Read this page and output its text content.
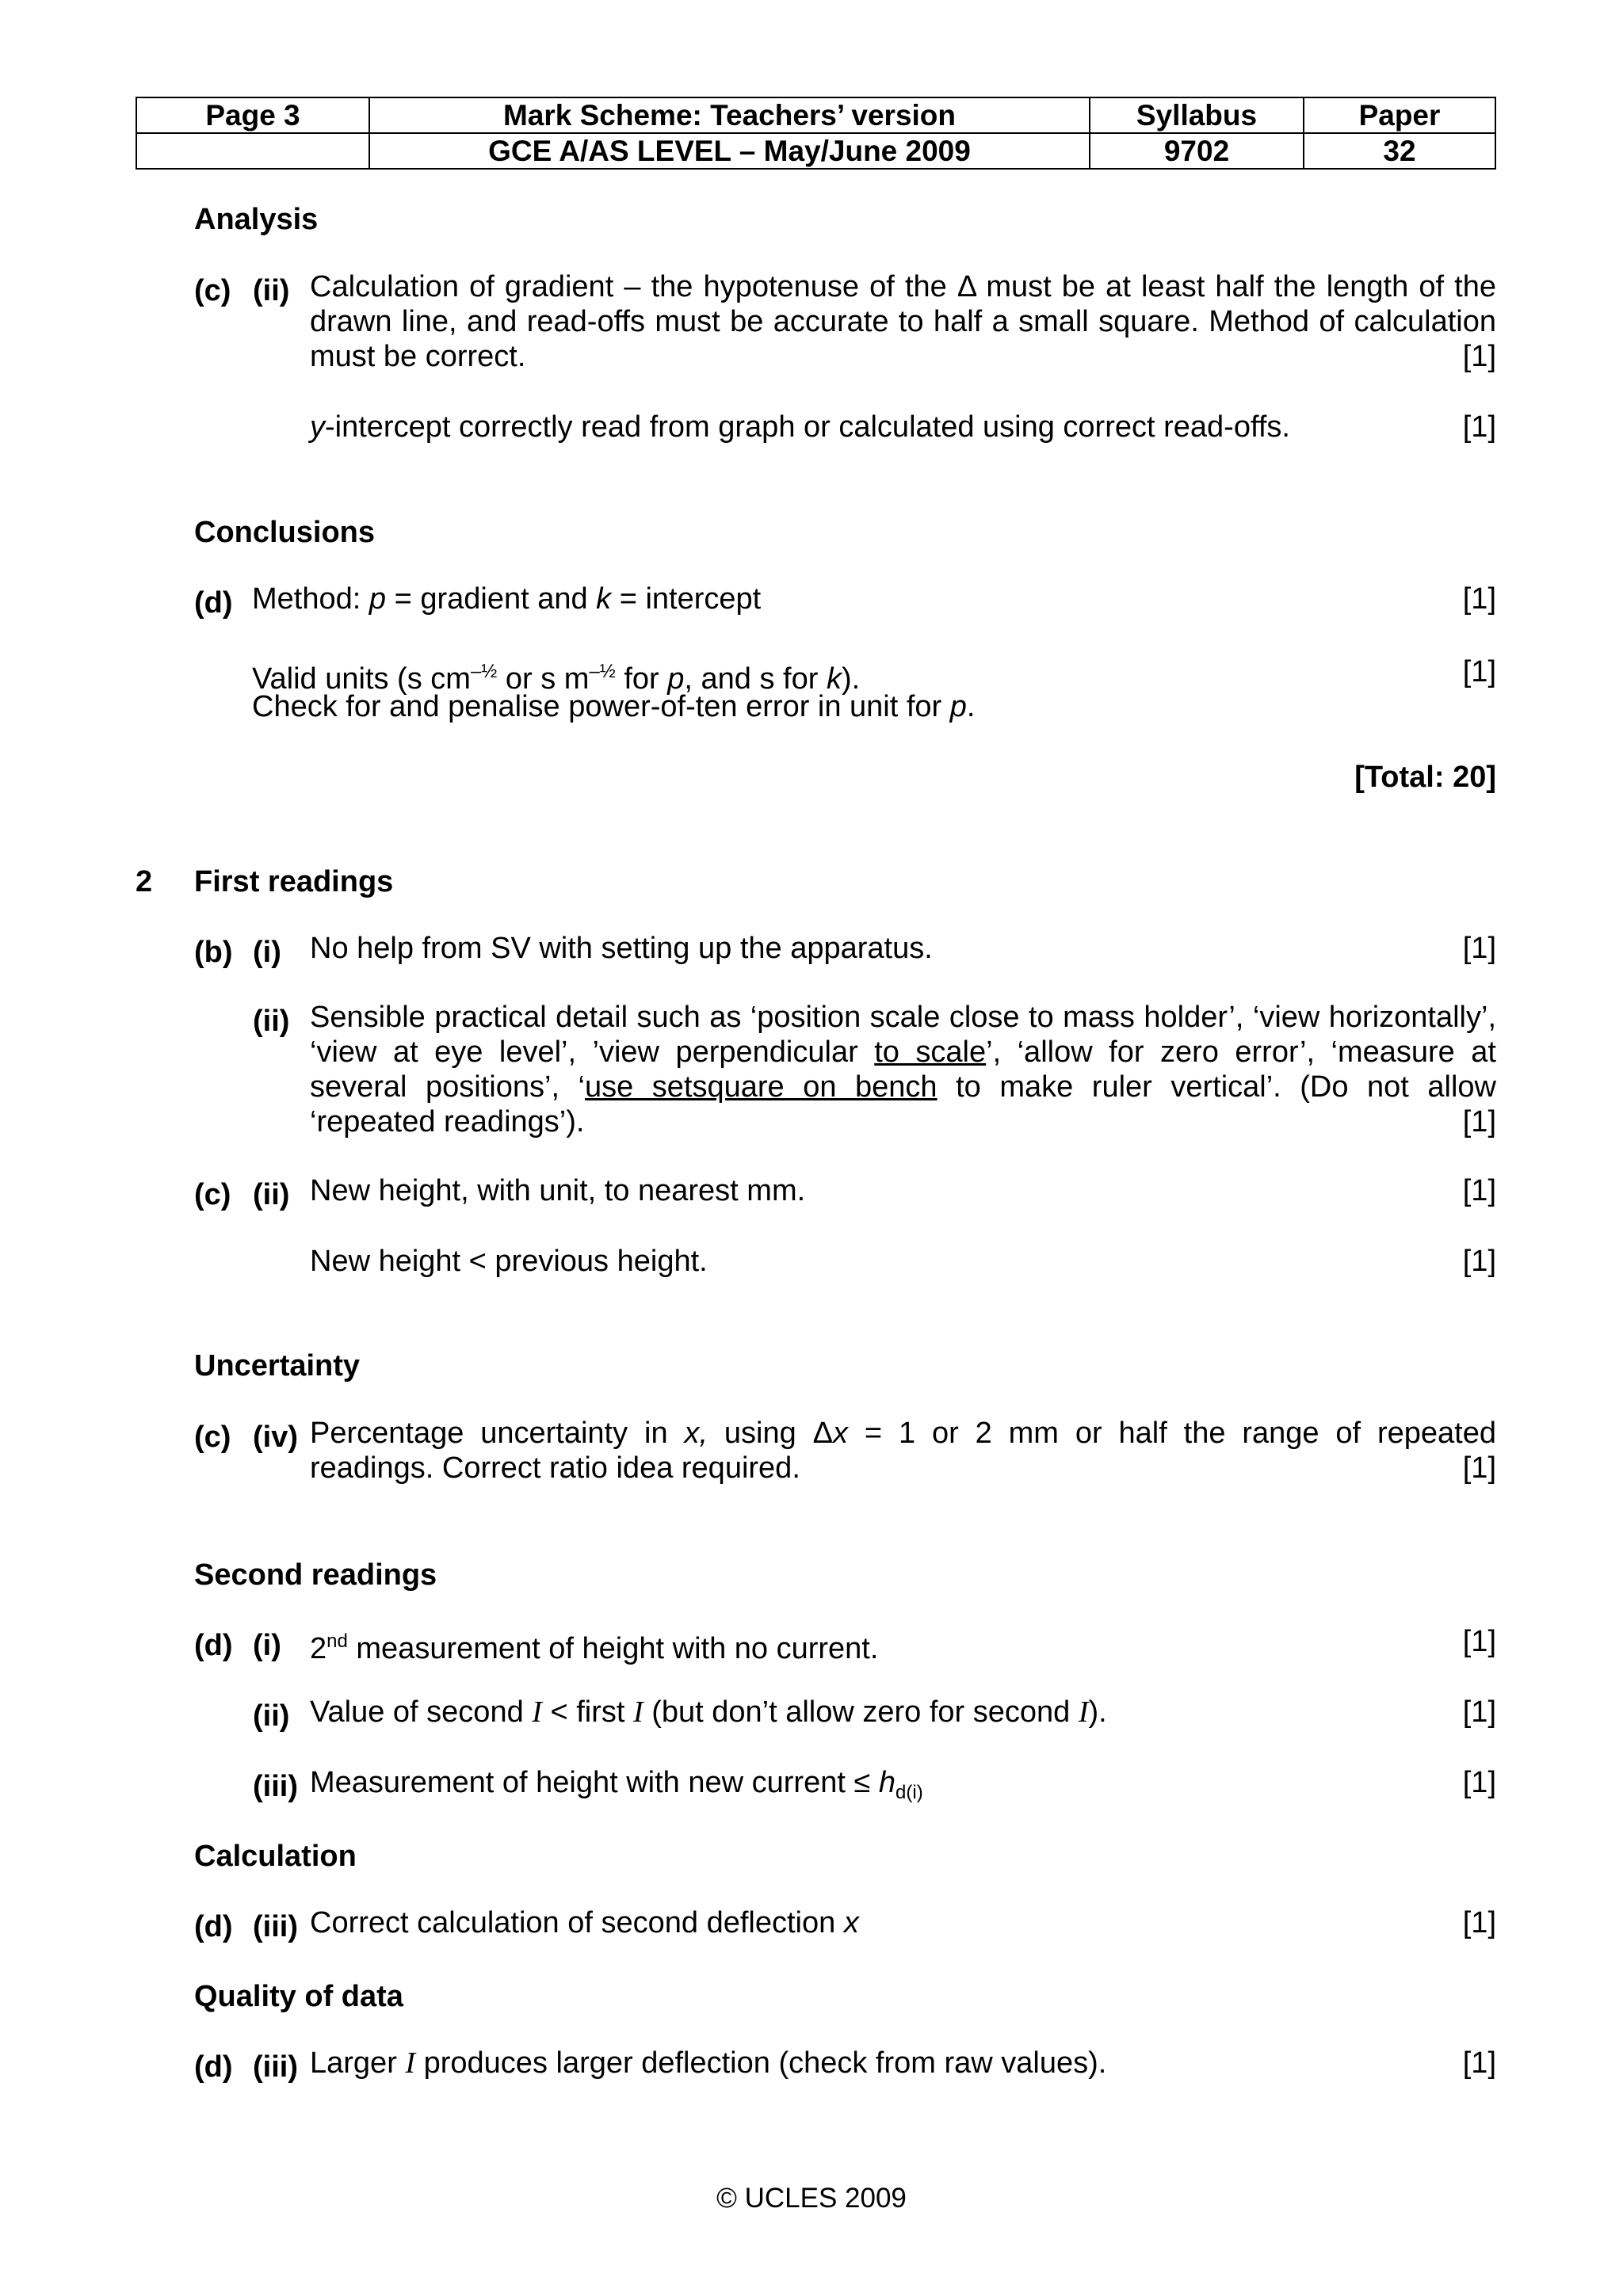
Page 3	Mark Scheme: Teachers’ version	Syllabus	Paper
	GCE A/AS LEVEL – May/June 2009	9702	32
Analysis
(c) (ii) Calculation of gradient – the hypotenuse of the Δ must be at least half the length of the
drawn line, and read-offs must be accurate to half a small square. Method of calculation
must be correct.	[1]
y-intercept correctly read from graph or calculated using correct read-offs.	[1]
Conclusions
(d) Method: p = gradient and k = intercept	[1]
Valid units (s $cm^{-\frac{1}{2}}$ or s $m^{-\frac{1}{2}}$ for p, and s for k).	[1]
Check for and penalise power-of-ten error in unit for p.
[Total: 20]
2 First readings
(b) (i) No help from SV with setting up the apparatus.	[1]
(ii) Sensible practical detail such as ‘position scale close to mass holder’, ‘view horizontally’,
‘view at eye level’, ’view perpendicular to scale’, ‘allow for zero error’, ‘measure at
several positions’, ‘use setsquare on bench to make ruler vertical’. (Do not allow
‘repeated readings’).	[1]
(c) (ii) New height, with unit, to nearest mm.	[1]
New height < previous height.	[1]
Uncertainty
(c) (iv) Percentage uncertainty in x, using Δx = 1 or 2 mm or half the range of repeated
readings. Correct ratio idea required.	[1]
Second readings
(d) (i) 2nd measurement of height with no current.	[1]
(ii) Value of second I < first I (but don’t allow zero for second I).	[1]
(iii) Measurement of height with new current ≤ $h_{d(i)}$	[1]
Calculation
(d) (iii) Correct calculation of second deflection x	[1]
Quality of data
(d) (iii) Larger I produces larger deflection (check from raw values).	[1]
© UCLES 2009
